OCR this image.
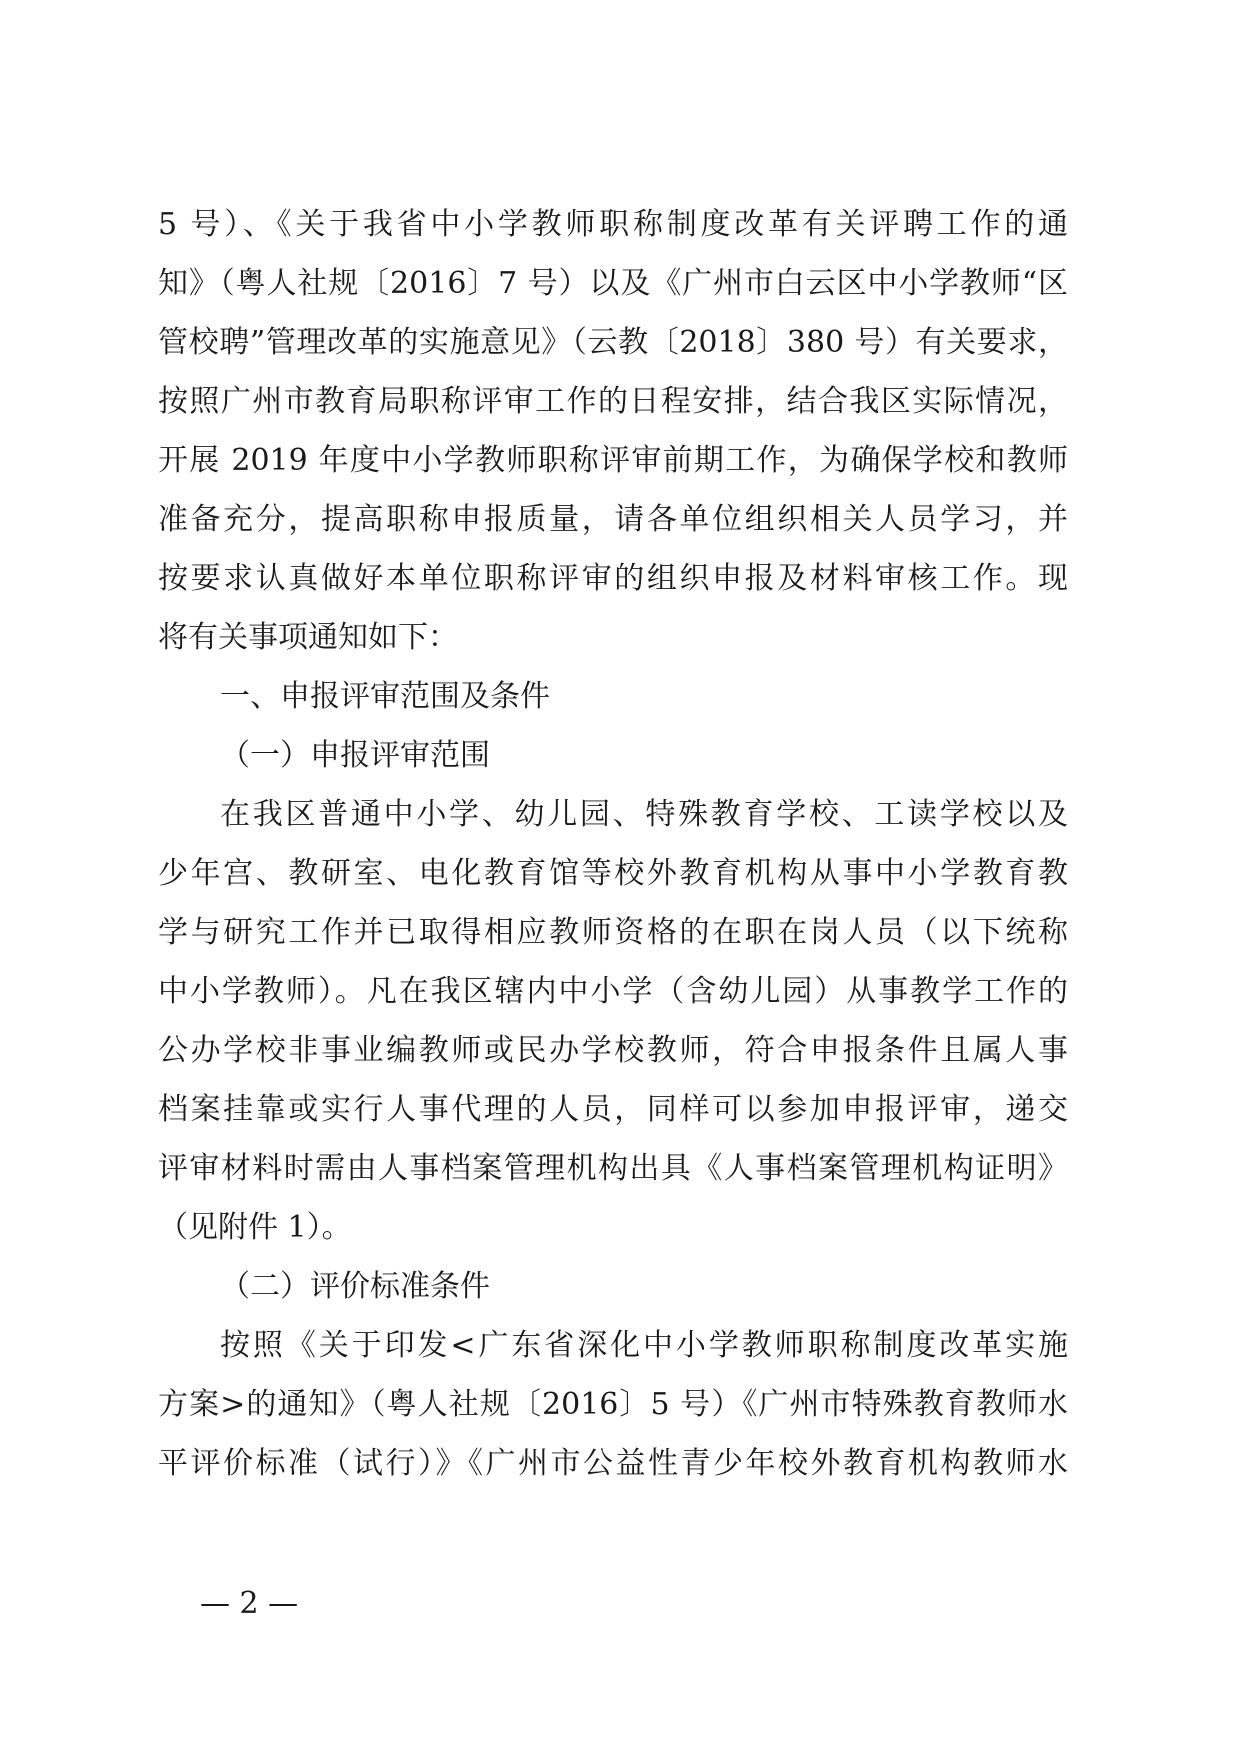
5 号）、《关于我省中小学教师职称制度改革有关评聘工作的通
知》（粤人社规〔2016〕7 号）以及《广州市白云区中小学教师“区
管校聘”管理改革的实施意见》（云教〔2018〕380 号）有关要求，
按照广州市教育局职称评审工作的日程安排，结合我区实际情况，
开展 2019 年度中小学教师职称评审前期工作，为确保学校和教师
准备充分，提高职称申报质量，请各单位组织相关人员学习，并
按要求认真做好本单位职称评审的组织申报及材料审核工作。现
将有关事项通知如下：
一、申报评审范围及条件
（一）申报评审范围
在我区普通中小学、幼儿园、特殊教育学校、工读学校以及
少年宫、教研室、电化教育馆等校外教育机构从事中小学教育教
学与研究工作并已取得相应教师资格的在职在岗人员（以下统称
中小学教师）。凡在我区辖内中小学（含幼儿园）从事教学工作的
公办学校非事业编教师或民办学校教师，符合申报条件且属人事
档案挂靠或实行人事代理的人员，同样可以参加申报评审，递交
评审材料时需由人事档案管理机构出具《人事档案管理机构证明》
（见附件 1）。
（二）评价标准条件
按照《关于印发<广东省深化中小学教师职称制度改革实施
方案>的通知》（粤人社规〔2016〕5 号）《广州市特殊教育教师水
平评价标准（试行）》《广州市公益性青少年校外教育机构教师水
— 2 —
